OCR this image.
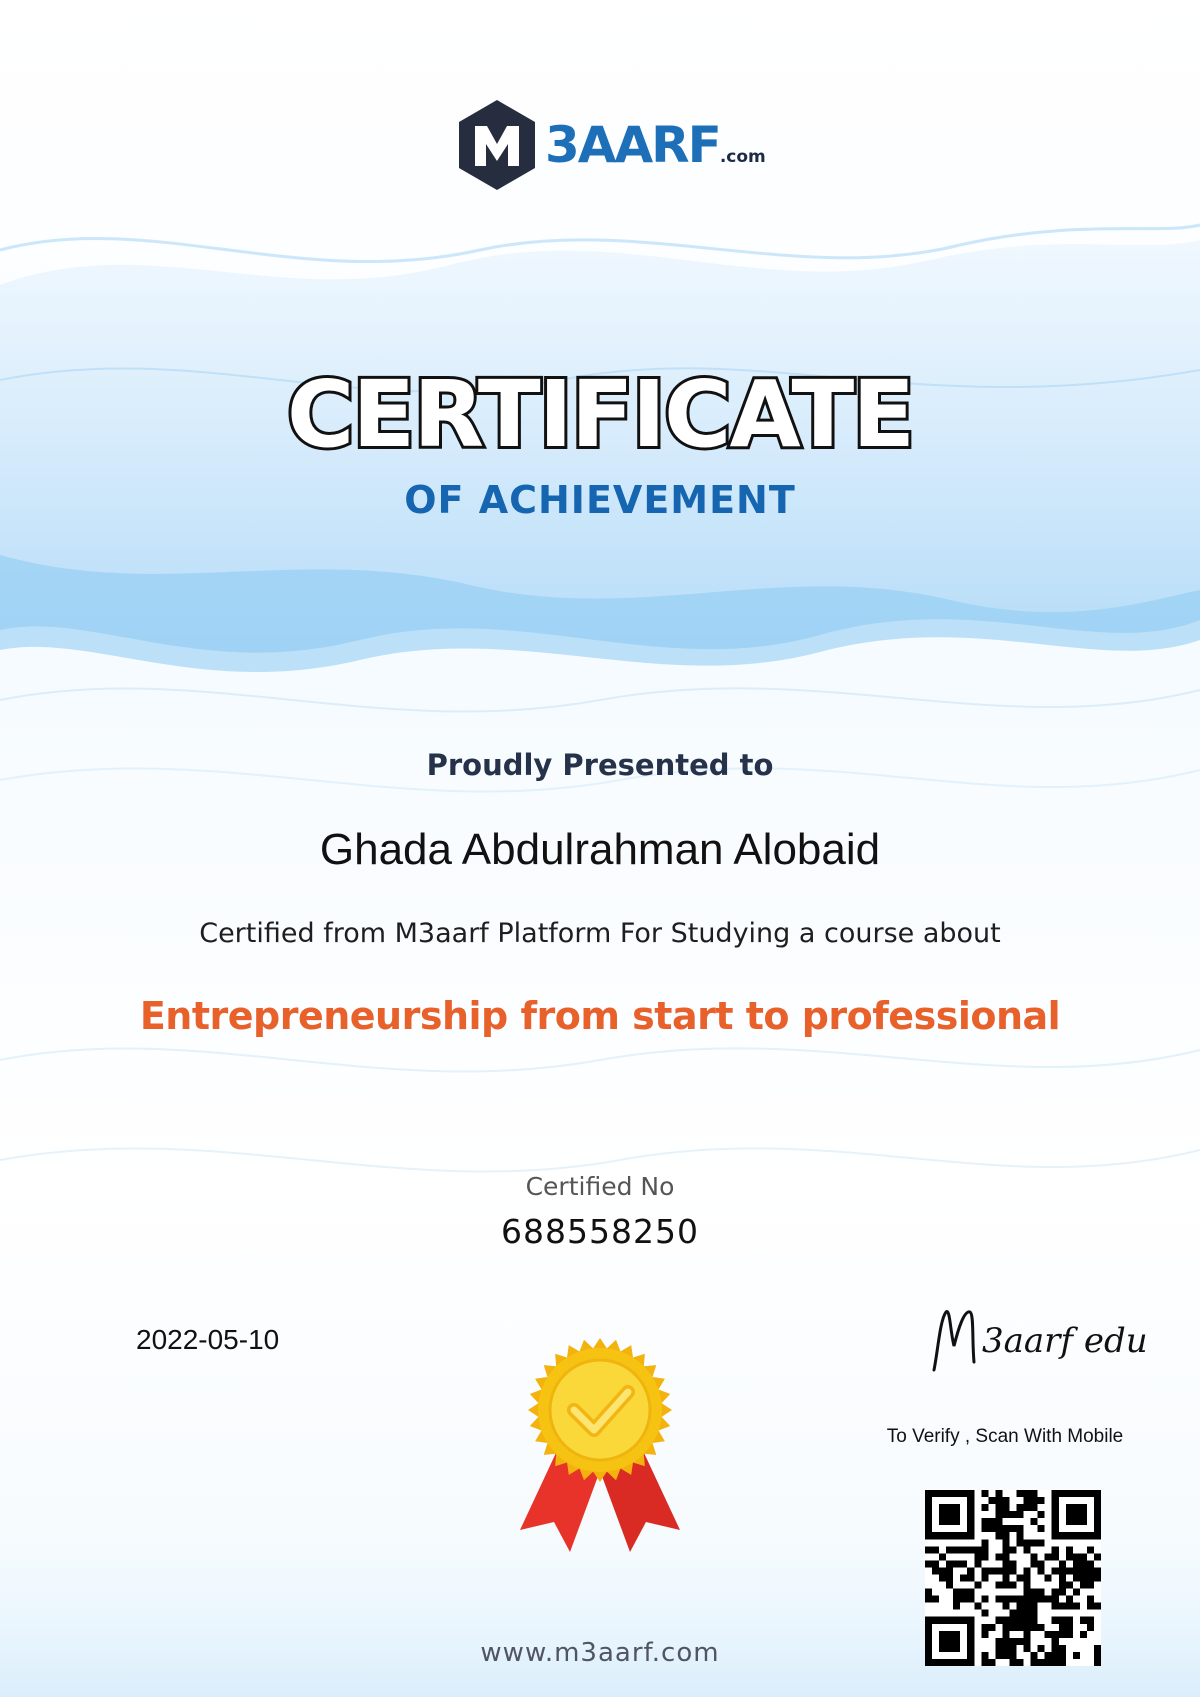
3AARF.com
CERTIFICATE
OF ACHIEVEMENT
Proudly Presented to
Ghada Abdulrahman Alobaid
Certified from M3aarf Platform For Studying a course about
Entrepreneurship from start to professional
Certified No
688558250
2022-05-10	3aarf edu
To Verify , Scan With Mobile
www.m3aarf.com
